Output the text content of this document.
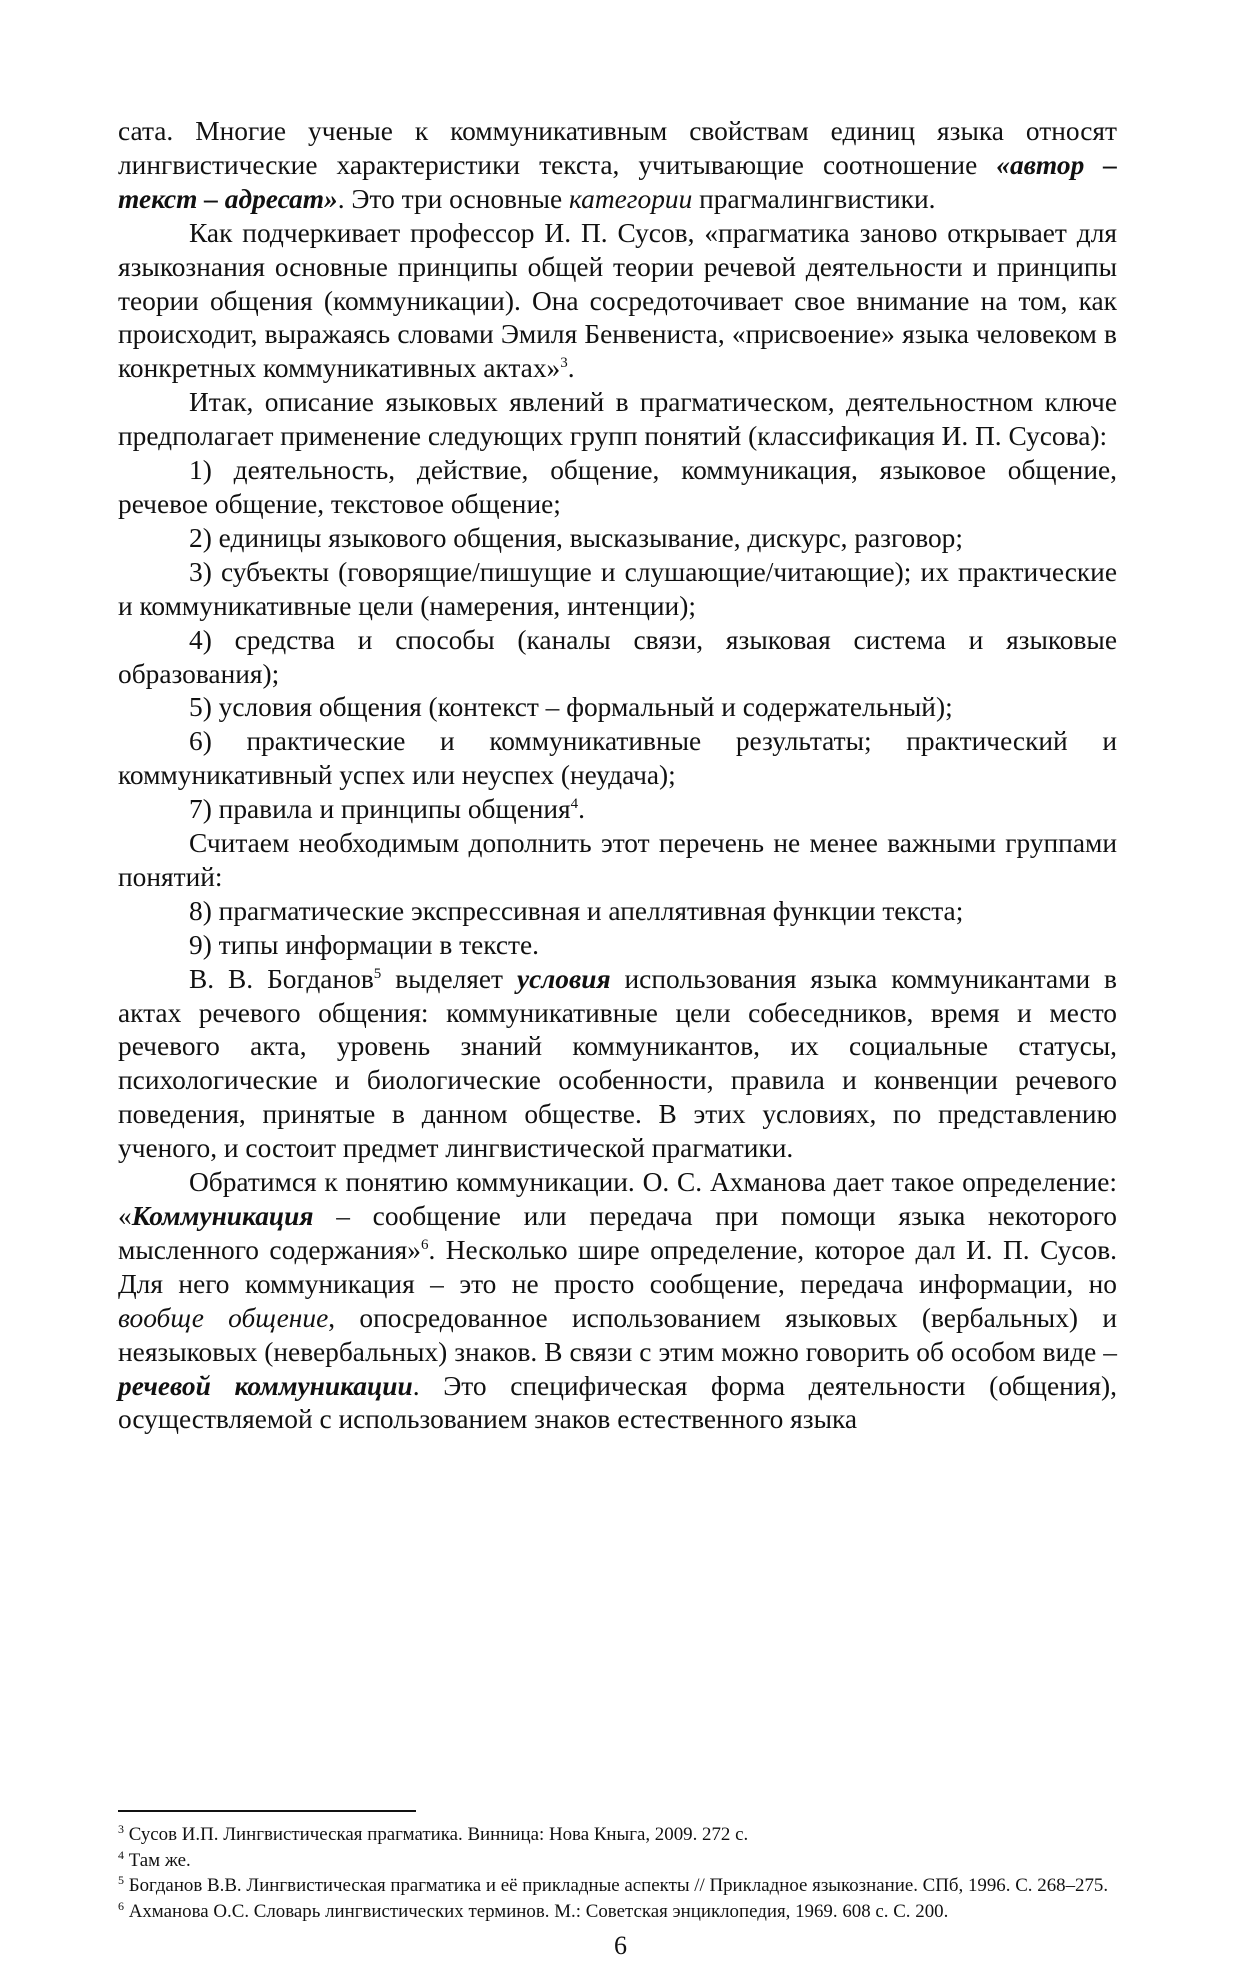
сата. Многие ученые к коммуникативным свойствам единиц языка относят лингвистические характеристики текста, учитывающие соотношение «автор – текст – адресат». Это три основные категории прагмалингвистики.

Как подчеркивает профессор И. П. Сусов, «прагматика заново открывает для языкознания основные принципы общей теории речевой деятельности и принципы теории общения (коммуникации). Она сосредоточивает свое внимание на том, как происходит, выражаясь словами Эмиля Бенвениста, «присвоение» языка человеком в конкретных коммуникативных актах»$^3$.

Итак, описание языковых явлений в прагматическом, деятельностном ключе предполагает применение следующих групп понятий (классификация И. П. Сусова):

1) деятельность, действие, общение, коммуникация, языковое общение, речевое общение, текстовое общение;

2) единицы языкового общения, высказывание, дискурс, разговор;

3) субъекты (говорящие/пишущие и слушающие/читающие); их практические и коммуникативные цели (намерения, интенции);

4) средства и способы (каналы связи, языковая система и языковые образования);

5) условия общения (контекст – формальный и содержательный);

6) практические и коммуникативные результаты; практический и коммуникативный успех или неуспех (неудача);

7) правила и принципы общения$^4$.

Считаем необходимым дополнить этот перечень не менее важными группами понятий:

8) прагматические экспрессивная и апеллятивная функции текста;

9) типы информации в тексте.

В. В. Богданов$^5$ выделяет условия использования языка коммуникантами в актах речевого общения: коммуникативные цели собеседников, время и место речевого акта, уровень знаний коммуникантов, их социальные статусы, психологические и биологические особенности, правила и конвенции речевого поведения, принятые в данном обществе. В этих условиях, по представлению ученого, и состоит предмет лингвистической прагматики.

Обратимся к понятию коммуникации. О. С. Ахманова дает такое определение: «Коммуникация – сообщение или передача при помощи языка некоторого мысленного содержания»$^6$. Несколько шире определение, которое дал И. П. Сусов. Для него коммуникация – это не просто сообщение, передача информации, но вообще общение, опосредованное использованием языковых (вербальных) и неязыковых (невербальных) знаков. В связи с этим можно говорить об особом виде – речевой коммуникации. Это специфическая форма деятельности (общения), осуществляемой с использованием знаков естественного языка

$^3$ Сусов И.П. Лингвистическая прагматика. Винница: Нова Кныга, 2009. 272 с.

$^4$ Там же.

$^5$ Богданов В.В. Лингвистическая прагматика и её прикладные аспекты // Прикладное языкознание. СПб, 1996. С. 268–275.

$^6$ Ахманова О.С. Словарь лингвистических терминов. М.: Советская энциклопедия, 1969. 608 с. С. 200.

6
